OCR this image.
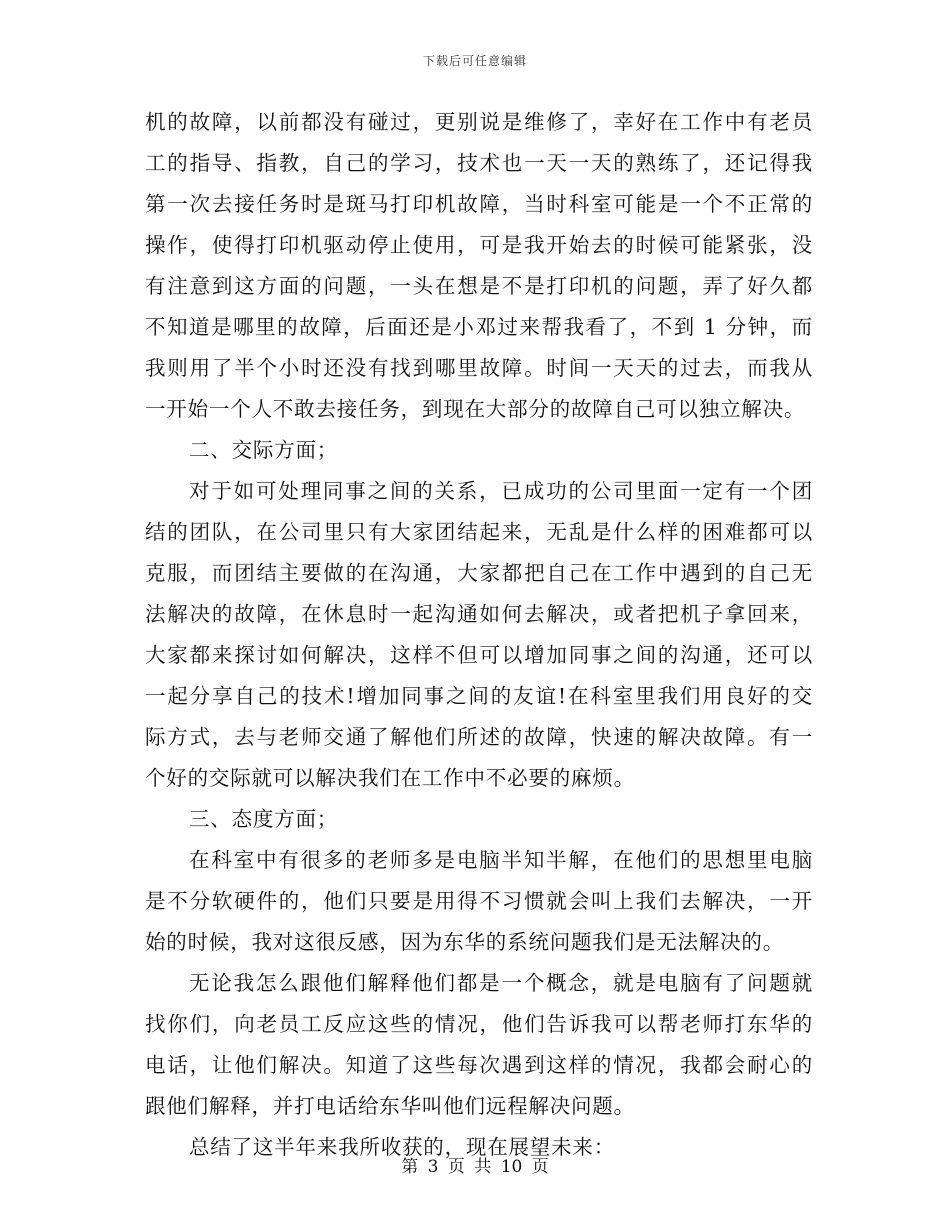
下载后可任意编辑
机的故障，以前都没有碰过，更别说是维修了，幸好在工作中有老员
工的指导、指教，自己的学习，技术也一天一天的熟练了，还记得我
第一次去接任务时是斑马打印机故障，当时科室可能是一个不正常的
操作，使得打印机驱动停止使用，可是我开始去的时候可能紧张，没
有注意到这方面的问题，一头在想是不是打印机的问题，弄了好久都
不知道是哪里的故障，后面还是小邓过来帮我看了，不到 1 分钟，而
我则用了半个小时还没有找到哪里故障。时间一天天的过去，而我从
一开始一个人不敢去接任务，到现在大部分的故障自己可以独立解决。
二、交际方面；
对于如可处理同事之间的关系，已成功的公司里面一定有一个团
结的团队，在公司里只有大家团结起来，无乱是什么样的困难都可以
克服，而团结主要做的在沟通，大家都把自己在工作中遇到的自己无
法解决的故障，在休息时一起沟通如何去解决，或者把机子拿回来，
大家都来探讨如何解决，这样不但可以增加同事之间的沟通，还可以
一起分享自己的技术!增加同事之间的友谊!在科室里我们用良好的交
际方式，去与老师交通了解他们所述的故障，快速的解决故障。有一
个好的交际就可以解决我们在工作中不必要的麻烦。
三、态度方面；
在科室中有很多的老师多是电脑半知半解，在他们的思想里电脑
是不分软硬件的，他们只要是用得不习惯就会叫上我们去解决，一开
始的时候，我对这很反感，因为东华的系统问题我们是无法解决的。
无论我怎么跟他们解释他们都是一个概念，就是电脑有了问题就
找你们，向老员工反应这些的情况，他们告诉我可以帮老师打东华的
电话，让他们解决。知道了这些每次遇到这样的情况，我都会耐心的
跟他们解释，并打电话给东华叫他们远程解决问题。
总结了这半年来我所收获的，现在展望未来：
第 3 页 共 10 页
